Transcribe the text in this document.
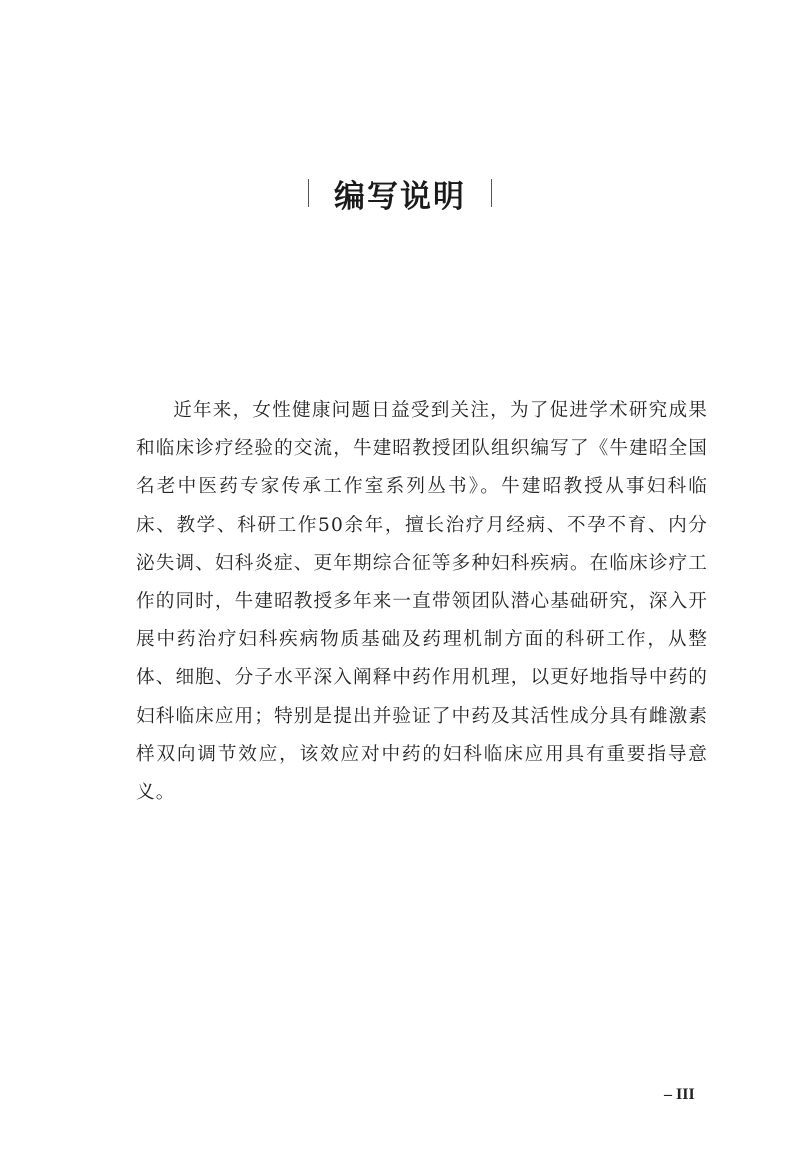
编写说明

近年来，女性健康问题日益受到关注，为了促进学术研究成果和临床诊疗经验的交流，牛建昭教授团队组织编写了《牛建昭全国名老中医药专家传承工作室系列丛书》。牛建昭教授从事妇科临床、教学、科研工作50余年，擅长治疗月经病、不孕不育、内分泌失调、妇科炎症、更年期综合征等多种妇科疾病。在临床诊疗工作的同时，牛建昭教授多年来一直带领团队潜心基础研究，深入开展中药治疗妇科疾病物质基础及药理机制方面的科研工作，从整体、细胞、分子水平深入阐释中药作用机理，以更好地指导中药的妇科临床应用；特别是提出并验证了中药及其活性成分具有雌激素样双向调节效应，该效应对中药的妇科临床应用具有重要指导意义。

– III
